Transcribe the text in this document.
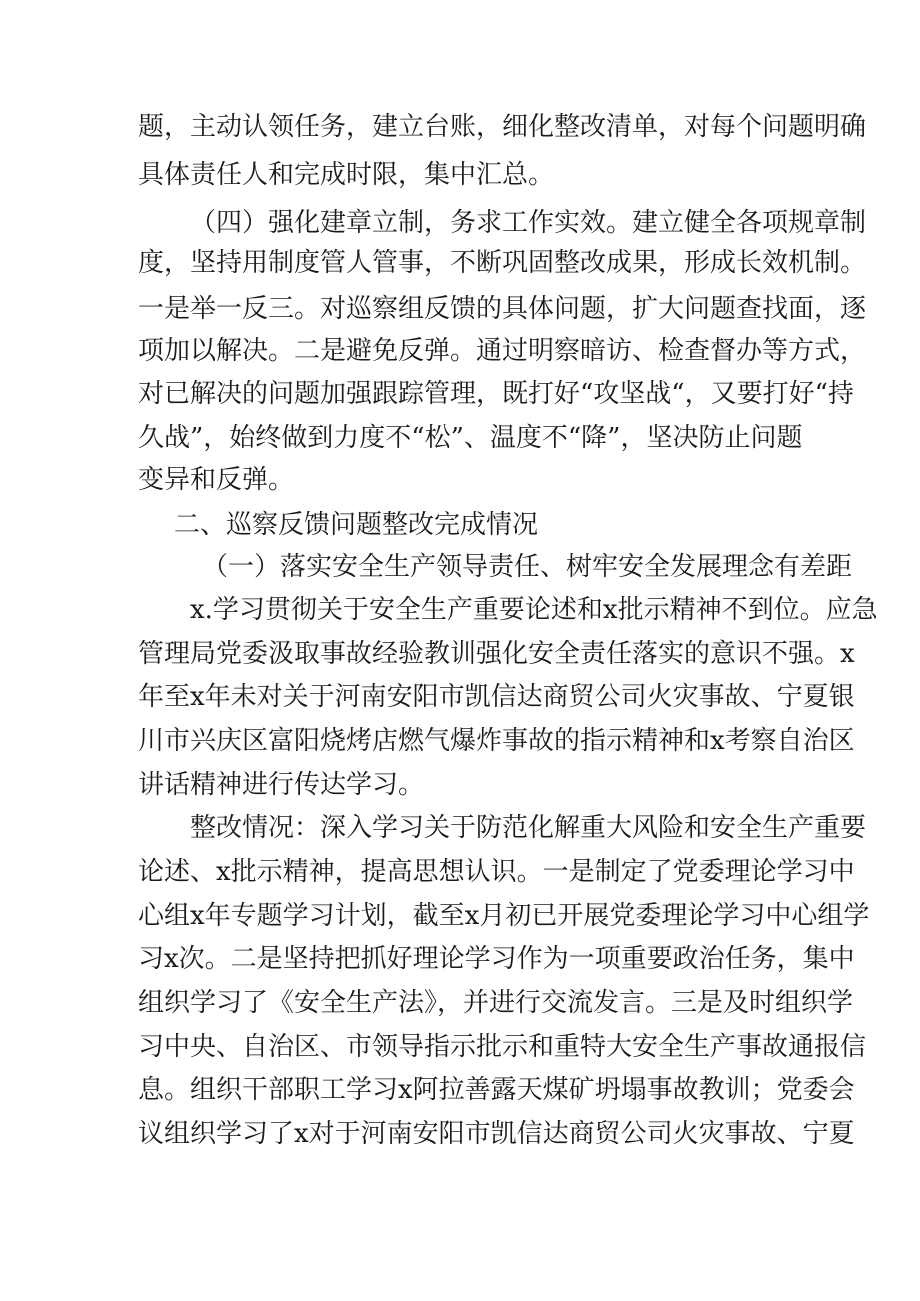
题，主动认领任务，建立台账，细化整改清单，对每个问题明确
具体责任人和完成时限，集中汇总。
（四）强化建章立制，务求工作实效。建立健全各项规章制
度，坚持用制度管人管事，不断巩固整改成果，形成长效机制。
一是举一反三。对巡察组反馈的具体问题，扩大问题查找面，逐
项加以解决。二是避免反弹。通过明察暗访、检查督办等方式，
对已解决的问题加强跟踪管理，既打好“攻坚战“，又要打好“持
久战”，始终做到力度不“松”、温度不“降”，坚决防止问题
变异和反弹。
二、巡察反馈问题整改完成情况
（一）落实安全生产领导责任、树牢安全发展理念有差距
x.学习贯彻关于安全生产重要论述和x批示精神不到位。应急
管理局党委汲取事故经验教训强化安全责任落实的意识不强。x
年至x年未对关于河南安阳市凯信达商贸公司火灾事故、宁夏银
川市兴庆区富阳烧烤店燃气爆炸事故的指示精神和x考察自治区
讲话精神进行传达学习。
整改情况：深入学习关于防范化解重大风险和安全生产重要
论述、x批示精神，提高思想认识。一是制定了党委理论学习中
心组x年专题学习计划，截至x月初已开展党委理论学习中心组学
习x次。二是坚持把抓好理论学习作为一项重要政治任务，集中
组织学习了《安全生产法》，并进行交流发言。三是及时组织学
习中央、自治区、市领导指示批示和重特大安全生产事故通报信
息。组织干部职工学习x阿拉善露天煤矿坍塌事故教训；党委会
议组织学习了x对于河南安阳市凯信达商贸公司火灾事故、宁夏
